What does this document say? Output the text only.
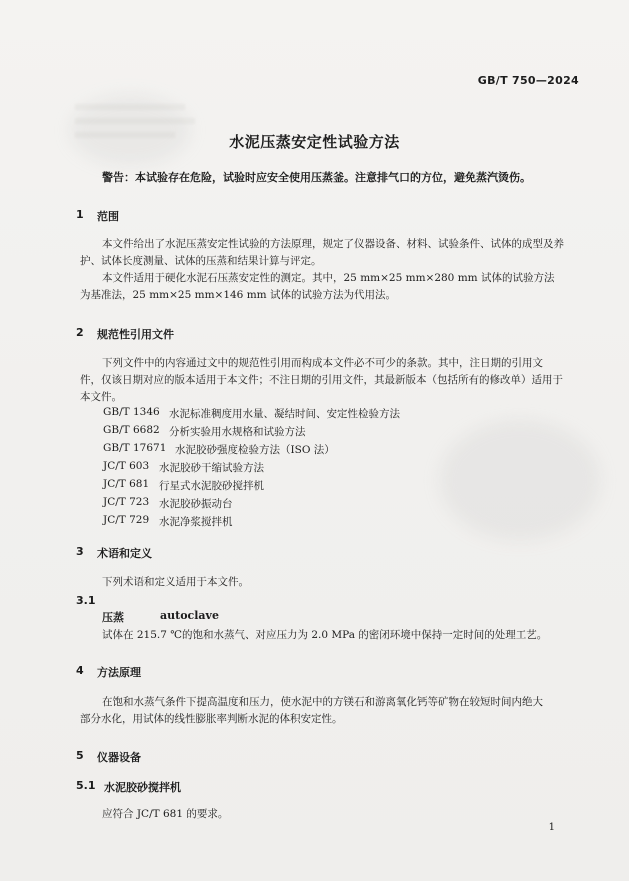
GB/T 750—2024
水泥压蒸安定性试验方法
警告：本试验存在危险，试验时应安全使用压蒸釜。注意排气口的方位，避免蒸汽烫伤。
1 范围
本文件给出了水泥压蒸安定性试验的方法原理，规定了仪器设备、材料、试验条件、试体的成型及养
护、试体长度测量、试体的压蒸和结果计算与评定。
本文件适用于硬化水泥石压蒸安定性的测定。其中，25 mm×25 mm×280 mm 试体的试验方法
为基准法，25 mm×25 mm×146 mm 试体的试验方法为代用法。
2 规范性引用文件
下列文件中的内容通过文中的规范性引用而构成本文件必不可少的条款。其中，注日期的引用文
件，仅该日期对应的版本适用于本文件；不注日期的引用文件，其最新版本（包括所有的修改单）适用于
本文件。
GB/T 1346 水泥标准稠度用水量、凝结时间、安定性检验方法
GB/T 6682 分析实验用水规格和试验方法
GB/T 17671 水泥胶砂强度检验方法（ISO 法）
JC/T 603 水泥胶砂干缩试验方法
JC/T 681 行星式水泥胶砂搅拌机
JC/T 723 水泥胶砂振动台
JC/T 729 水泥净浆搅拌机
3 术语和定义
下列术语和定义适用于本文件。
3.1
压蒸	autoclave
试体在 215.7 ℃的饱和水蒸气、对应压力为 2.0 MPa 的密闭环境中保持一定时间的处理工艺。
4 方法原理
在饱和水蒸气条件下提高温度和压力，使水泥中的方镁石和游离氧化钙等矿物在较短时间内绝大
部分水化，用试体的线性膨胀率判断水泥的体积安定性。
5 仪器设备
5.1 水泥胶砂搅拌机
应符合 JC/T 681 的要求。
1
